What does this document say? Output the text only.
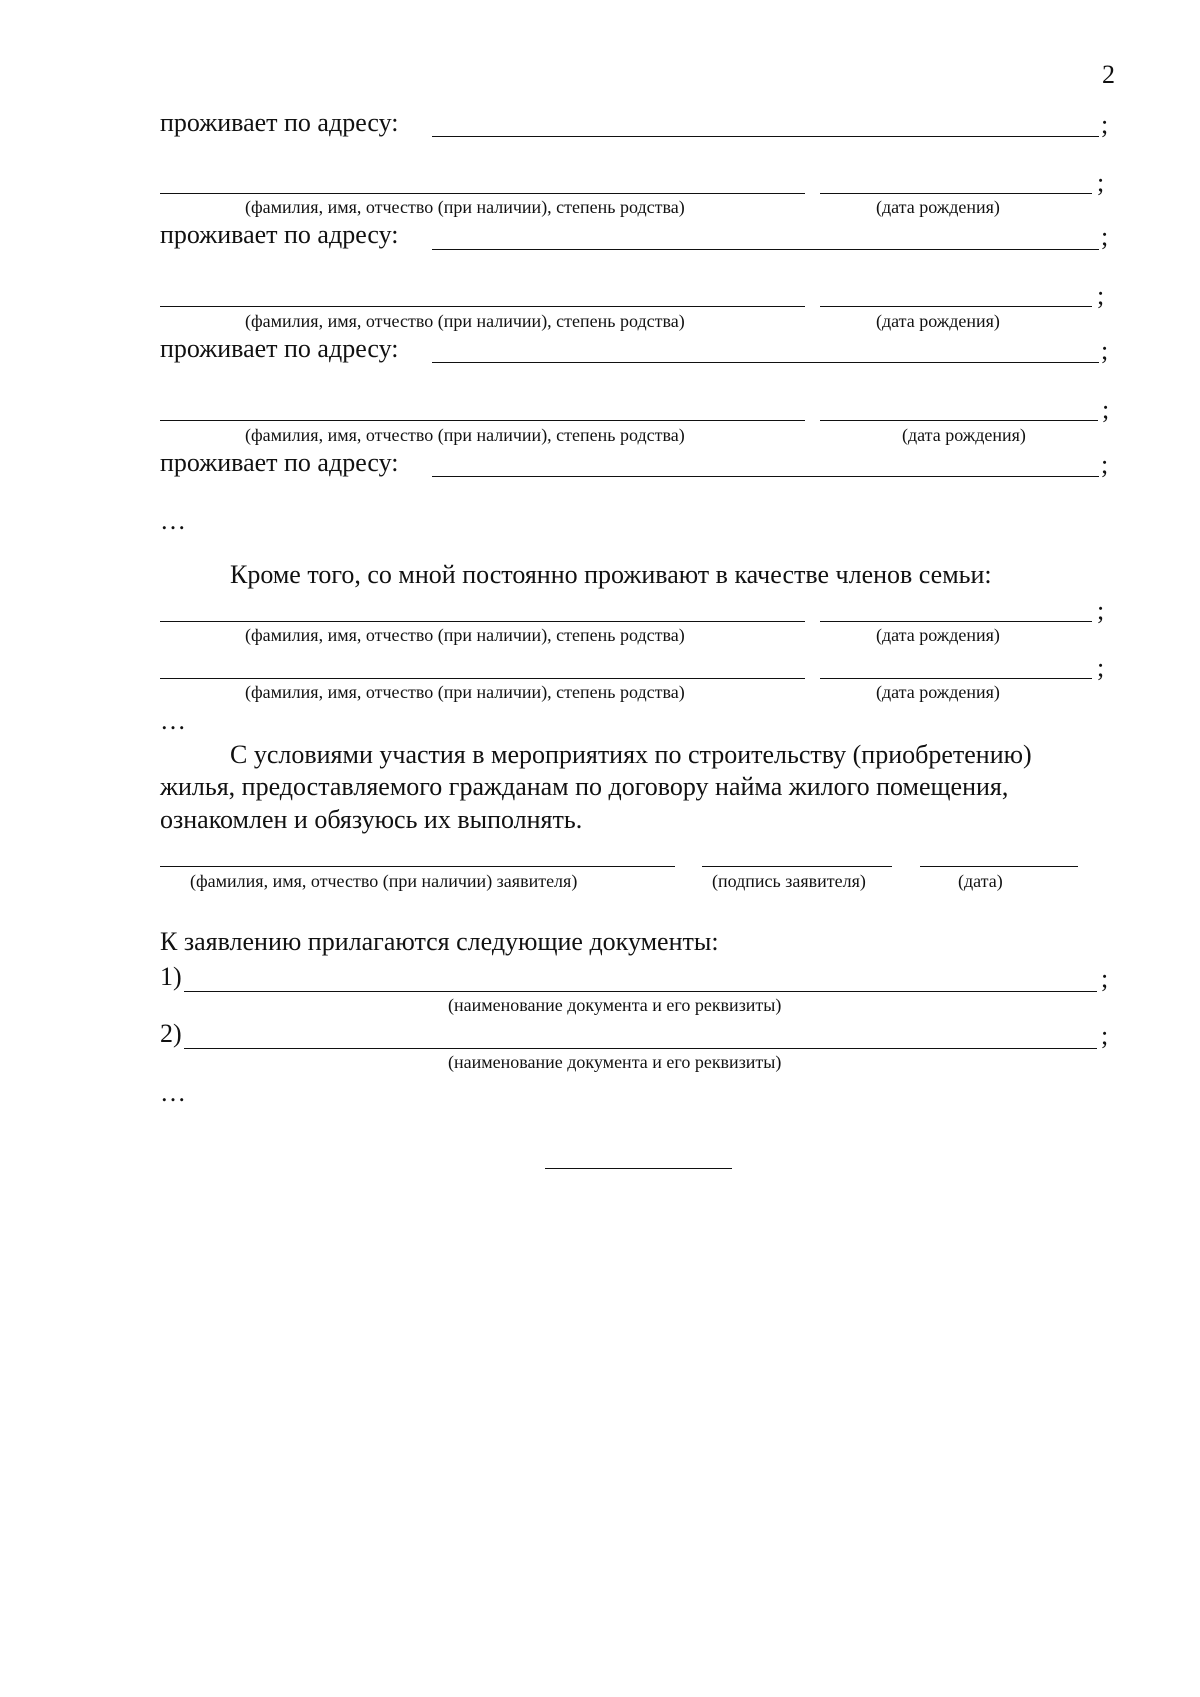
2
проживает по адресу:	;
;
(фамилия, имя, отчество (при наличии), степень родства)	(дата рождения)
проживает по адресу:	;
;
(фамилия, имя, отчество (при наличии), степень родства)	(дата рождения)
проживает по адресу:	;
;
(фамилия, имя, отчество (при наличии), степень родства)	(дата рождения)
проживает по адресу:	;
…
Кроме того, со мной постоянно проживают в качестве членов семьи:
;
(фамилия, имя, отчество (при наличии), степень родства)	(дата рождения)
;
(фамилия, имя, отчество (при наличии), степень родства)	(дата рождения)
…
С условиями участия в мероприятиях по строительству (приобретению)
жилья, предоставляемого гражданам по договору найма жилого помещения,
ознакомлен и обязуюсь их выполнять.
(фамилия, имя, отчество (при наличии) заявителя)	(подпись заявителя)	(дата)
К заявлению прилагаются следующие документы:
1)	;
(наименование документа и его реквизиты)
2)	;
(наименование документа и его реквизиты)
…
